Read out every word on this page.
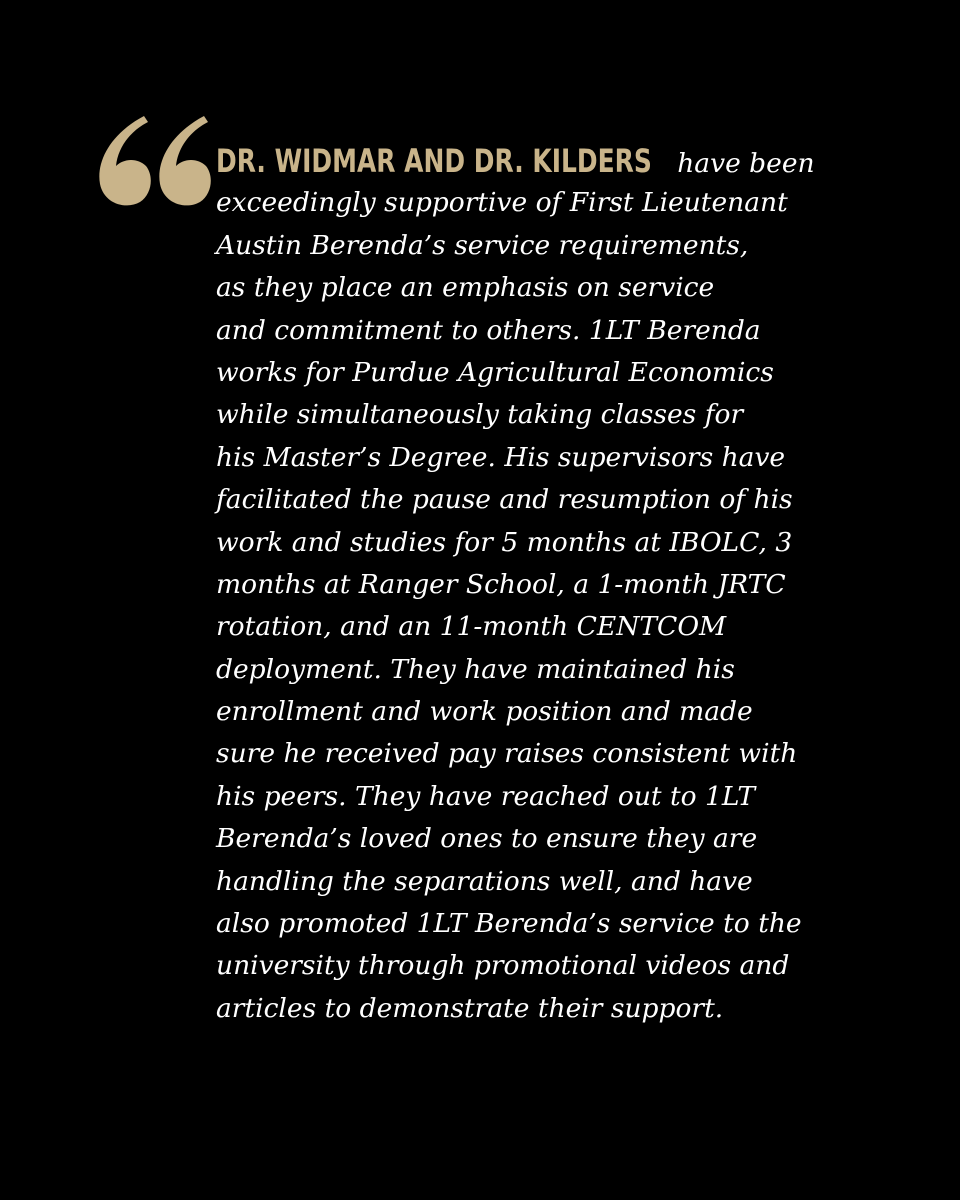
DR. WIDMAR AND DR. KILDERS have been
exceedingly supportive of First Lieutenant
Austin Berenda’s service requirements,
as they place an emphasis on service
and commitment to others. 1LT Berenda
works for Purdue Agricultural Economics
while simultaneously taking classes for
his Master’s Degree. His supervisors have
facilitated the pause and resumption of his
work and studies for 5 months at IBOLC, 3
months at Ranger School, a 1-month JRTC
rotation, and an 11-month CENTCOM
deployment. They have maintained his
enrollment and work position and made
sure he received pay raises consistent with
his peers. They have reached out to 1LT
Berenda’s loved ones to ensure they are
handling the separations well, and have
also promoted 1LT Berenda’s service to the
university through promotional videos and
articles to demonstrate their support.
